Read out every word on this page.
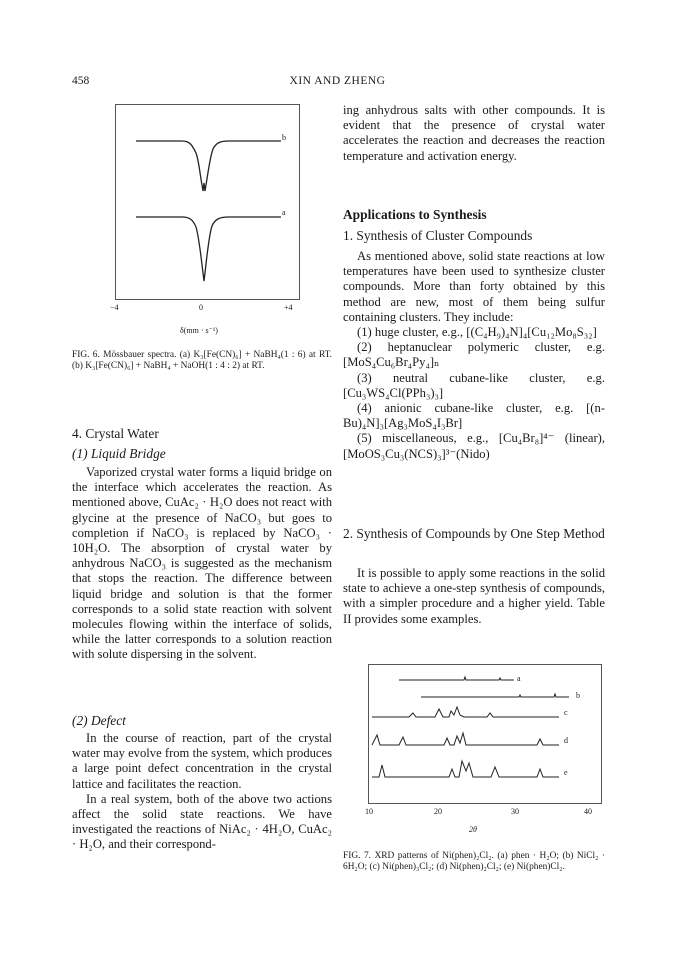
458	XIN AND ZHENG
b
a
−4	0	+4
δ(mm · s⁻¹)
FIG. 6. Mössbauer spectra. (a) K₃[Fe(CN)₆] + NaBH₄(1 : 6) at RT. (b) K₃[Fe(CN)₆] + NaBH₄ + NaOH(1 : 4 : 2) at RT.
4. Crystal Water
(1) Liquid Bridge

Vaporized crystal water forms a liquid bridge on the interface which accelerates the reaction. As mentioned above, CuAc₂ · H₂O does not react with glycine at the presence of NaCO₃ but goes to completion if NaCO₃ is replaced by NaCO₃ · 10H₂O. The absorption of crystal water by anhydrous NaCO₃ is suggested as the mechanism that stops the reaction. The difference between liquid bridge and solution is that the former corresponds to a solid state reaction with solvent molecules flowing within the interface of solids, while the latter corresponds to a solution reaction with solute dispersing in the solvent.

(2) Defect

In the course of reaction, part of the crystal water may evolve from the system, which produces a large point defect concentration in the crystal lattice and facilitates the reaction.

In a real system, both of the above two actions affect the solid state reactions. We have investigated the reactions of NiAc₂ · 4H₂O, CuAc₂ · H₂O, and their correspond-

ing anhydrous salts with other compounds. It is evident that the presence of crystal water accelerates the reaction and decreases the reaction temperature and activation energy.

Applications to Synthesis
1. Synthesis of Cluster Compounds

As mentioned above, solid state reactions at low temperatures have been used to synthesize cluster compounds. More than forty obtained by this method are new, most of them being sulfur containing clusters. They include:

(1) huge cluster, e.g., [(C₄H₉)₄N]₄[Cu₁₂Mo₈S₃₂]

(2) heptanuclear polymeric cluster, e.g. [MoS₄Cu₆Br₄Py₄]ₙ

(3) neutral cubane-like cluster, e.g. [Cu₃WS₄Cl(PPh₃)₃]

(4) anionic cubane-like cluster, e.g. [(n-Bu)₄N]₃[Ag₃MoS₄I₃Br]

(5) miscellaneous, e.g., [Cu₄Br₈]⁴⁻ (linear), [MoOS₃Cu₃(NCS)₃]³⁻(Nido)

2. Synthesis of Compounds by One Step Method

It is possible to apply some reactions in the solid state to achieve a one-step synthesis of compounds, with a simpler procedure and a higher yield. Table II provides some examples.

a
b
c
d
e
10	20	30	40
2θ
FIG. 7. XRD patterns of Ni(phen)₂Cl₂. (a) phen · H₂O; (b) NiCl₂ · 6H₂O; (c) Ni(phen)₃Cl₂; (d) Ni(phen)₂Cl₂; (e) Ni(phen)Cl₂.
